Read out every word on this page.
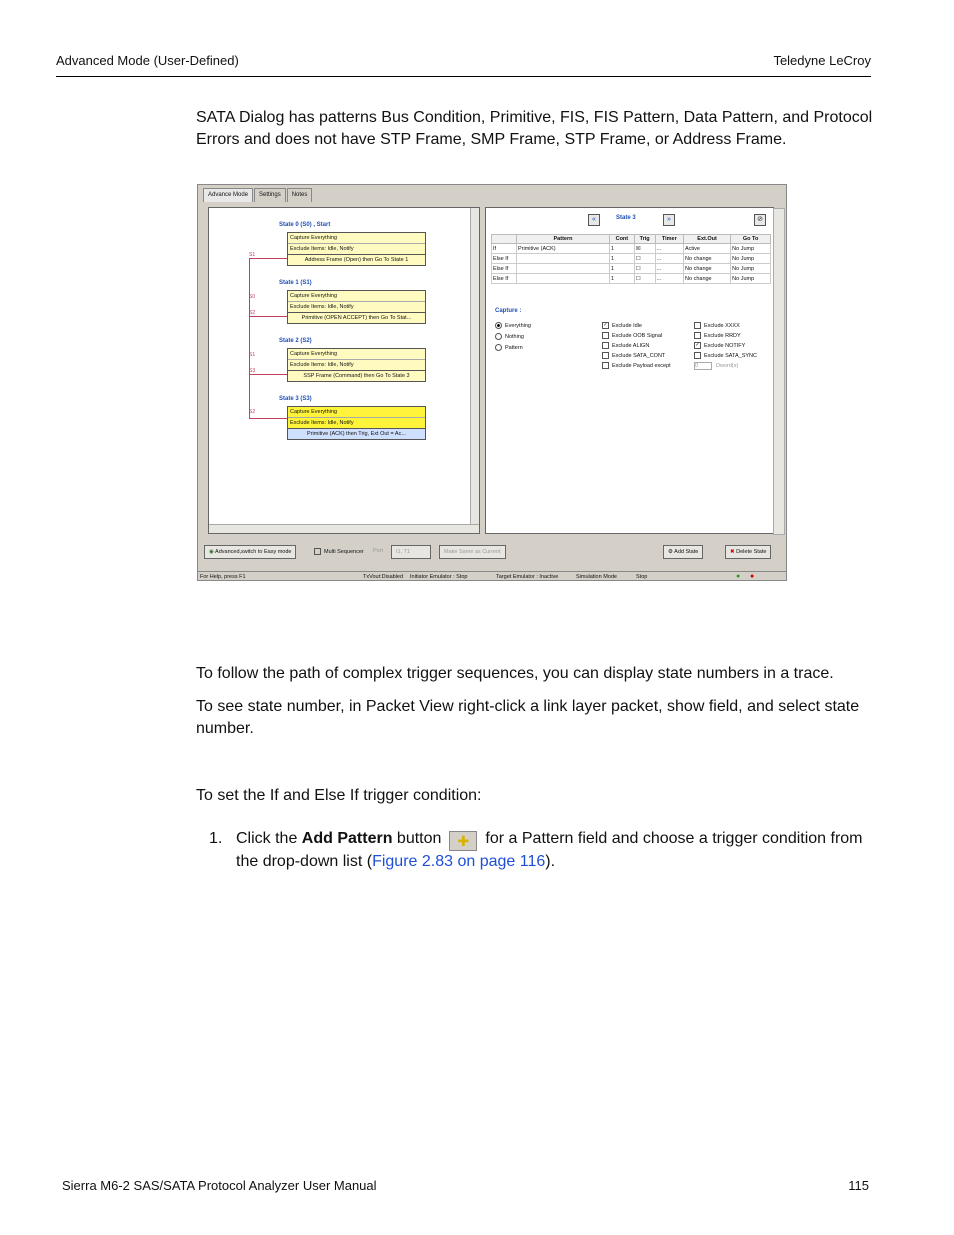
Advanced Mode (User-Defined)	Teledyne LeCroy

SATA Dialog has patterns Bus Condition, Primitive, FIS, FIS Pattern, Data Pattern, and Protocol Errors and does not have STP Frame, SMP Frame, STP Frame, or Address Frame.

Advance Mode	Settings	Notes
S1
S0
S2
S1
S3
S2
State 0 (S0) , Start
Capture Everything
Exclude Items: Idle, Notify
Address Frame (Open) then Go To State 1
State 1 (S1)
Capture Everything
Exclude Items: Idle, Notify
Primitive (OPEN ACCEPT) then Go To Stat...
State 2 (S2)
Capture Everything
Exclude Items: Idle, Notify
SSP Frame (Command) then Go To State 3
State 3 (S3)
Capture Everything
Exclude Items: Idle, Notify
Primitive (ACK) then Trig, Ext Out = Ac...
«	State 3	»	⊘
	Pattern	Cont	Trig	Timer	Ext.Out	Go To
If	Primitive (ACK)	1	☒	...	Active	No Jump
Else If		1	☐	...	No change	No Jump
Else If		1	☐	...	No change	No Jump
Else If		1	☐	...	No change	No Jump
Capture :
Everything
Nothing
Pattern
✓ Exclude Idle
Exclude OOB Signal
Exclude ALIGN
Exclude SATA_CONT
Exclude Payload except
Exclude XXXX
Exclude RRDY
✓ Exclude NOTIFY
Exclude SATA_SYNC
0	Dword(s)
◉ Advanced,switch to Easy mode	Multi Sequencer Port	I1, T1	Make Same as Current	⚙ Add State	✖ Delete State
For Help, press F1	TxVout:Disabled Initiator Emulator : Stop	Target Emulator : Inactive	Simulation Mode	Stop	● ●

To follow the path of complex trigger sequences, you can display state numbers in a trace.

To see state number, in Packet View right-click a link layer packet, show field, and select state number.

To set the If and Else If trigger condition:

1. Click the Add Pattern button ✚ for a Pattern field and choose a trigger condition from the drop-down list (Figure 2.83 on page 116).

Sierra M6-2 SAS/SATA Protocol Analyzer User Manual	115
